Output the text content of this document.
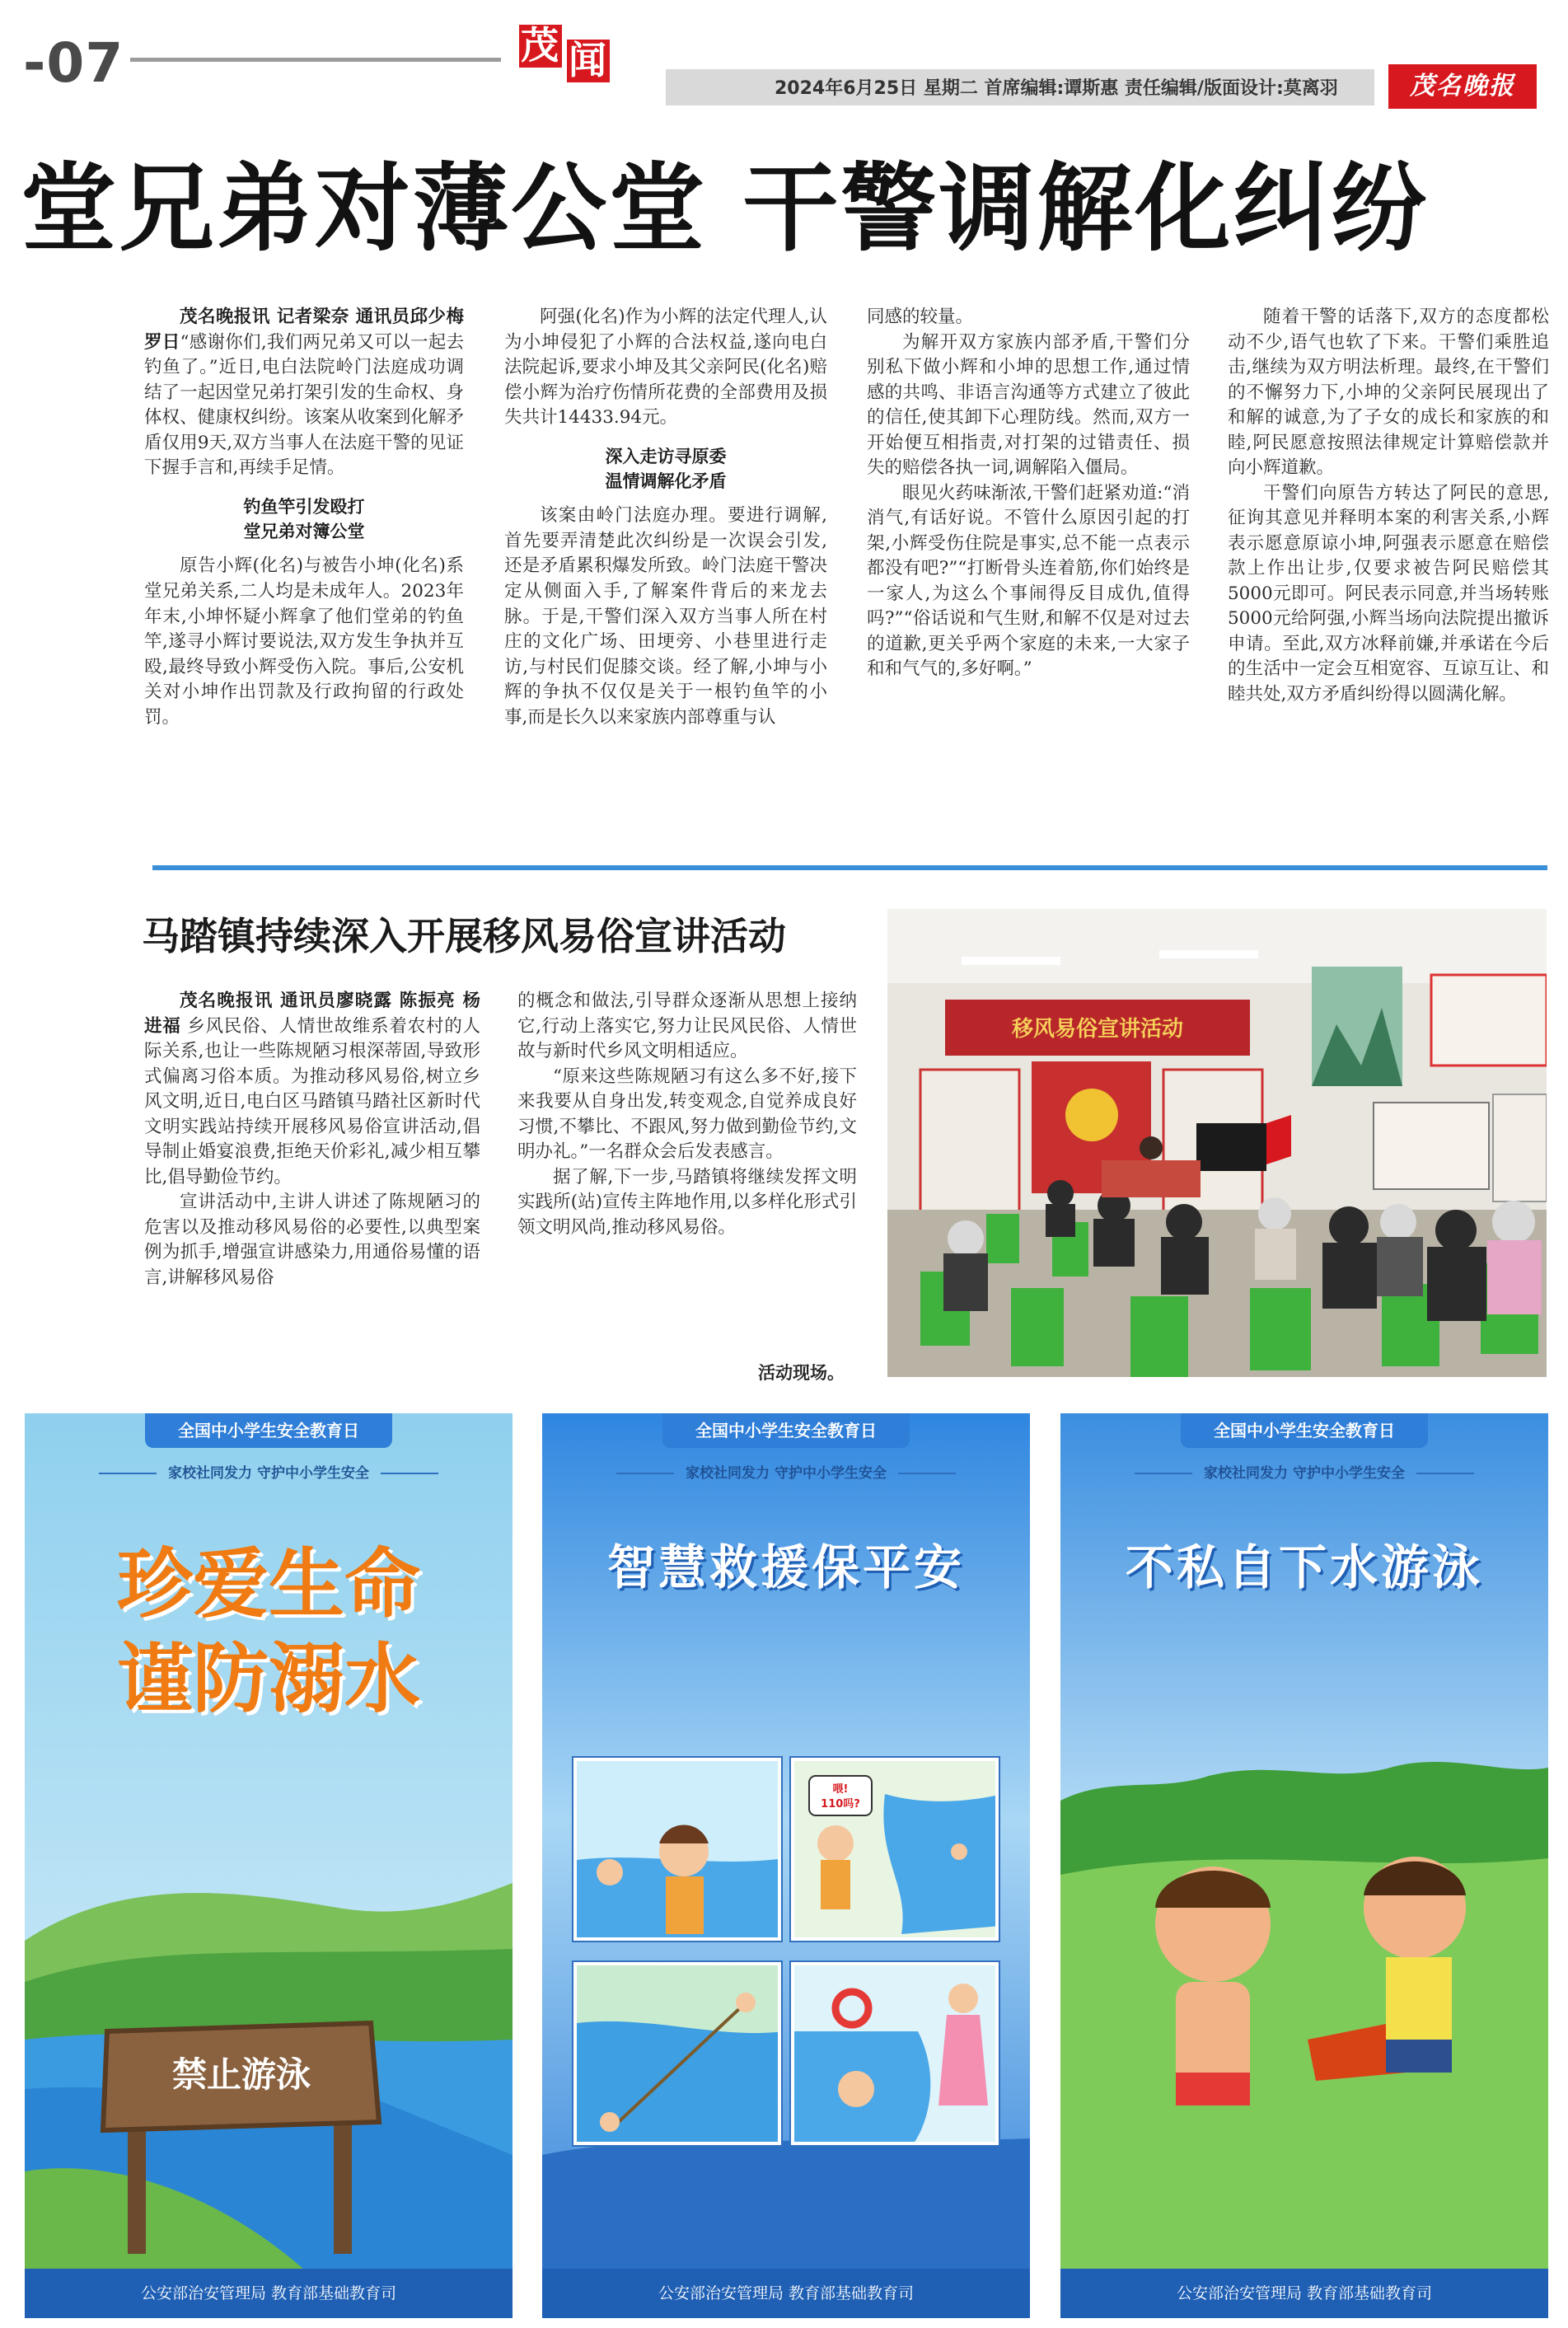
-07	茂 闻
2024年6月25日 星期二 首席编辑:谭斯惠 责任编辑/版面设计:莫离羽	茂名晚报
堂兄弟对薄公堂 干警调解化纠纷

茂名晚报讯 记者梁奈 通讯员邱少梅 罗日“感谢你们,我们两兄弟又可以一起去钓鱼了。”近日,电白法院岭门法庭成功调结了一起因堂兄弟打架引发的生命权、身体权、健康权纠纷。该案从收案到化解矛盾仅用9天,双方当事人在法庭干警的见证下握手言和,再续手足情。

钓鱼竿引发殴打
堂兄弟对簿公堂

原告小辉(化名)与被告小坤(化名)系堂兄弟关系,二人均是未成年人。2023年年末,小坤怀疑小辉拿了他们堂弟的钓鱼竿,遂寻小辉讨要说法,双方发生争执并互殴,最终导致小辉受伤入院。事后,公安机关对小坤作出罚款及行政拘留的行政处罚。

阿强(化名)作为小辉的法定代理人,认为小坤侵犯了小辉的合法权益,遂向电白法院起诉,要求小坤及其父亲阿民(化名)赔偿小辉为治疗伤情所花费的全部费用及损失共计14433.94元。

深入走访寻原委
温情调解化矛盾

该案由岭门法庭办理。要进行调解,首先要弄清楚此次纠纷是一次误会引发,还是矛盾累积爆发所致。岭门法庭干警决定从侧面入手,了解案件背后的来龙去脉。于是,干警们深入双方当事人所在村庄的文化广场、田埂旁、小巷里进行走访,与村民们促膝交谈。经了解,小坤与小辉的争执不仅仅是关于一根钓鱼竿的小事,而是长久以来家族内部尊重与认

同感的较量。

为解开双方家族内部矛盾,干警们分别私下做小辉和小坤的思想工作,通过情感的共鸣、非语言沟通等方式建立了彼此的信任,使其卸下心理防线。然而,双方一开始便互相指责,对打架的过错责任、损失的赔偿各执一词,调解陷入僵局。

眼见火药味渐浓,干警们赶紧劝道:“消消气,有话好说。不管什么原因引起的打架,小辉受伤住院是事实,总不能一点表示都没有吧?”“打断骨头连着筋,你们始终是一家人,为这么个事闹得反目成仇,值得吗?”“俗话说和气生财,和解不仅是对过去的道歉,更关乎两个家庭的未来,一大家子和和气气的,多好啊。”

随着干警的话落下,双方的态度都松动不少,语气也软了下来。干警们乘胜追击,继续为双方明法析理。最终,在干警们的不懈努力下,小坤的父亲阿民展现出了和解的诚意,为了子女的成长和家族的和睦,阿民愿意按照法律规定计算赔偿款并向小辉道歉。

干警们向原告方转达了阿民的意思,征询其意见并释明本案的利害关系,小辉表示愿意原谅小坤,阿强表示愿意在赔偿款上作出让步,仅要求被告阿民赔偿其5000元即可。阿民表示同意,并当场转账5000元给阿强,小辉当场向法院提出撤诉申请。至此,双方冰释前嫌,并承诺在今后的生活中一定会互相宽容、互谅互让、和睦共处,双方矛盾纠纷得以圆满化解。

马踏镇持续深入开展移风易俗宣讲活动

茂名晚报讯 通讯员廖晓露 陈振亮 杨进福 乡风民俗、人情世故维系着农村的人际关系,也让一些陈规陋习根深蒂固,导致形式偏离习俗本质。为推动移风易俗,树立乡风文明,近日,电白区马踏镇马踏社区新时代文明实践站持续开展移风易俗宣讲活动,倡导制止婚宴浪费,拒绝天价彩礼,减少相互攀比,倡导勤俭节约。

宣讲活动中,主讲人讲述了陈规陋习的危害以及推动移风易俗的必要性,以典型案例为抓手,增强宣讲感染力,用通俗易懂的语言,讲解移风易俗

的概念和做法,引导群众逐渐从思想上接纳它,行动上落实它,努力让民风民俗、人情世故与新时代乡风文明相适应。

“原来这些陈规陋习有这么多不好,接下来我要从自身出发,转变观念,自觉养成良好习惯,不攀比、不跟风,努力做到勤俭节约,文明办礼。”一名群众会后发表感言。

据了解,下一步,马踏镇将继续发挥文明实践所(站)宣传主阵地作用,以多样化形式引领文明风尚,推动移风易俗。

移风易俗宣讲活动
活动现场。
全国中小学生安全教育日
家校社同发力 守护中小学生安全
珍爱生命
谨防溺水
禁止游泳
公安部治安管理局 教育部基础教育司
全国中小学生安全教育日
家校社同发力 守护中小学生安全
智慧救援保平安
喂!
110吗?
公安部治安管理局 教育部基础教育司
全国中小学生安全教育日
家校社同发力 守护中小学生安全
不私自下水游泳
公安部治安管理局 教育部基础教育司
